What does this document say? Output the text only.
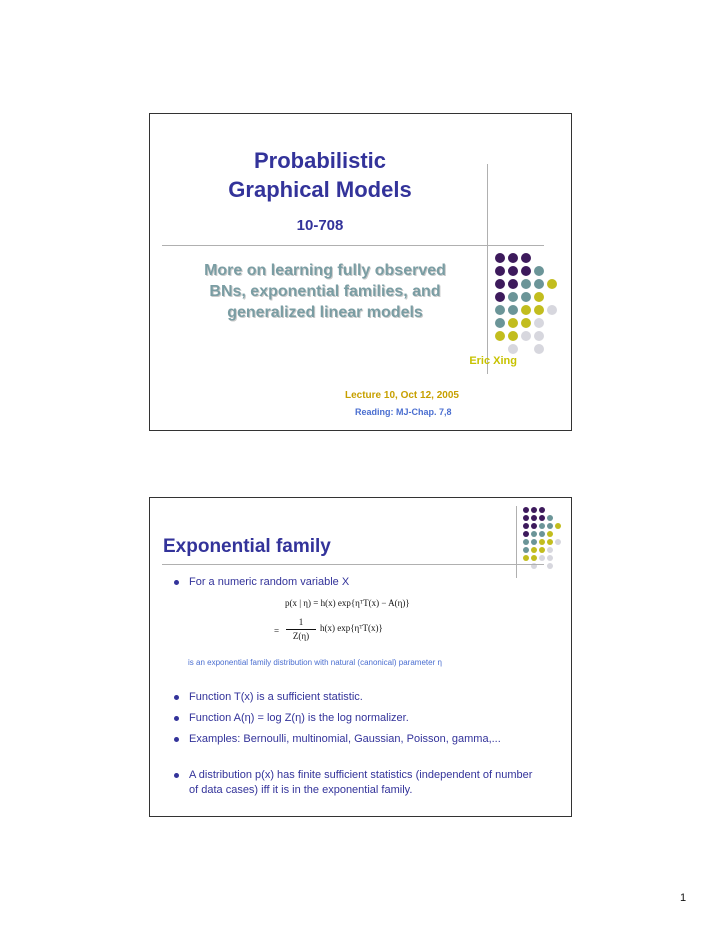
Probabilistic
Graphical Models
10-708
More on learning fully observed
BNs, exponential families, and
generalized linear models
Eric Xing
Lecture 10, Oct 12, 2005
Reading: MJ-Chap. 7,8
Exponential family
For a numeric random variable X
p(x | η) = h(x) exp{ηᵀT(x) − A(η)}
=
1
Z(η)
h(x) exp{ηᵀT(x)}
is an exponential family distribution with natural (canonical) parameter η
Function T(x) is a sufficient statistic.
Function A(η) = log Z(η) is the log normalizer.
Examples: Bernoulli, multinomial, Gaussian, Poisson, gamma,...
A distribution p(x) has finite sufficient statistics (independent of number of data cases) iff it is in the exponential family.
1
